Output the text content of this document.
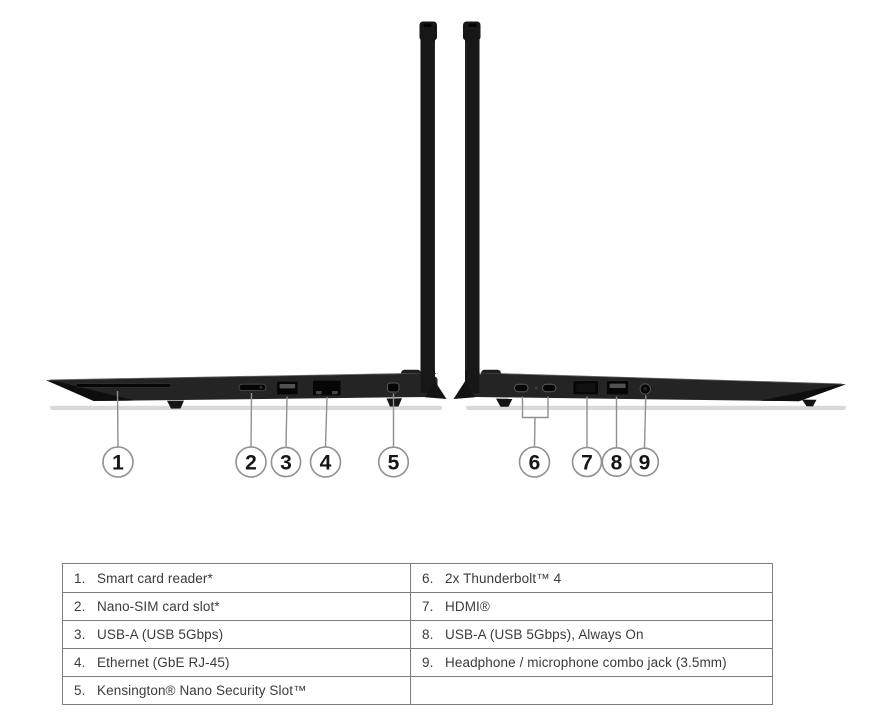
1	2 3 4	5	6 7 8 9
1. Smart card reader*	6. 2x Thunderbolt™ 4
2. Nano-SIM card slot*	7. HDMI®
3. USB-A (USB 5Gbps)	8. USB-A (USB 5Gbps), Always On
4. Ethernet (GbE RJ-45)	9. Headphone / microphone combo jack (3.5mm)
5. Kensington® Nano Security Slot™
